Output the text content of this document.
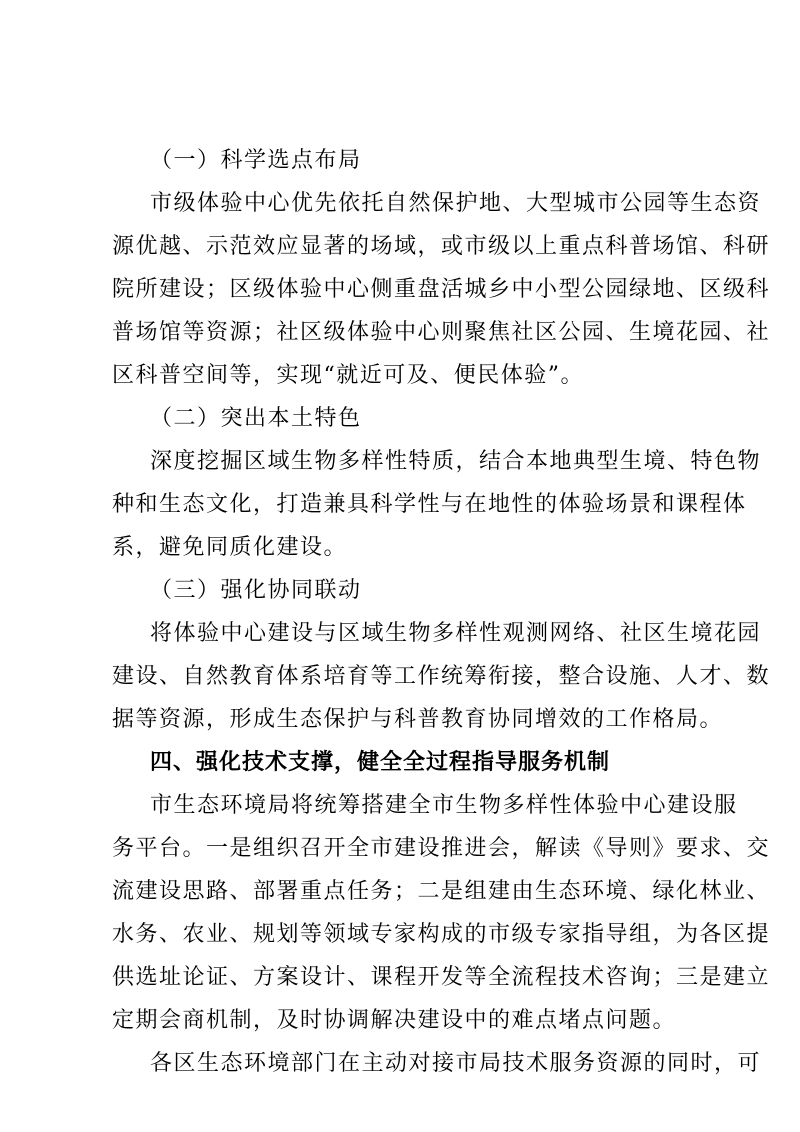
（一）科学选点布局
市级体验中心优先依托自然保护地、大型城市公园等生态资
源优越、示范效应显著的场域，或市级以上重点科普场馆、科研
院所建设；区级体验中心侧重盘活城乡中小型公园绿地、区级科
普场馆等资源；社区级体验中心则聚焦社区公园、生境花园、社
区科普空间等，实现“就近可及、便民体验”。
（二）突出本土特色
深度挖掘区域生物多样性特质，结合本地典型生境、特色物
种和生态文化，打造兼具科学性与在地性的体验场景和课程体
系，避免同质化建设。
（三）强化协同联动
将体验中心建设与区域生物多样性观测网络、社区生境花园
建设、自然教育体系培育等工作统筹衔接，整合设施、人才、数
据等资源，形成生态保护与科普教育协同增效的工作格局。
四、强化技术支撑，健全全过程指导服务机制
市生态环境局将统筹搭建全市生物多样性体验中心建设服
务平台。一是组织召开全市建设推进会，解读《导则》要求、交
流建设思路、部署重点任务；二是组建由生态环境、绿化林业、
水务、农业、规划等领域专家构成的市级专家指导组，为各区提
供选址论证、方案设计、课程开发等全流程技术咨询；三是建立
定期会商机制，及时协调解决建设中的难点堵点问题。
各区生态环境部门在主动对接市局技术服务资源的同时，可
